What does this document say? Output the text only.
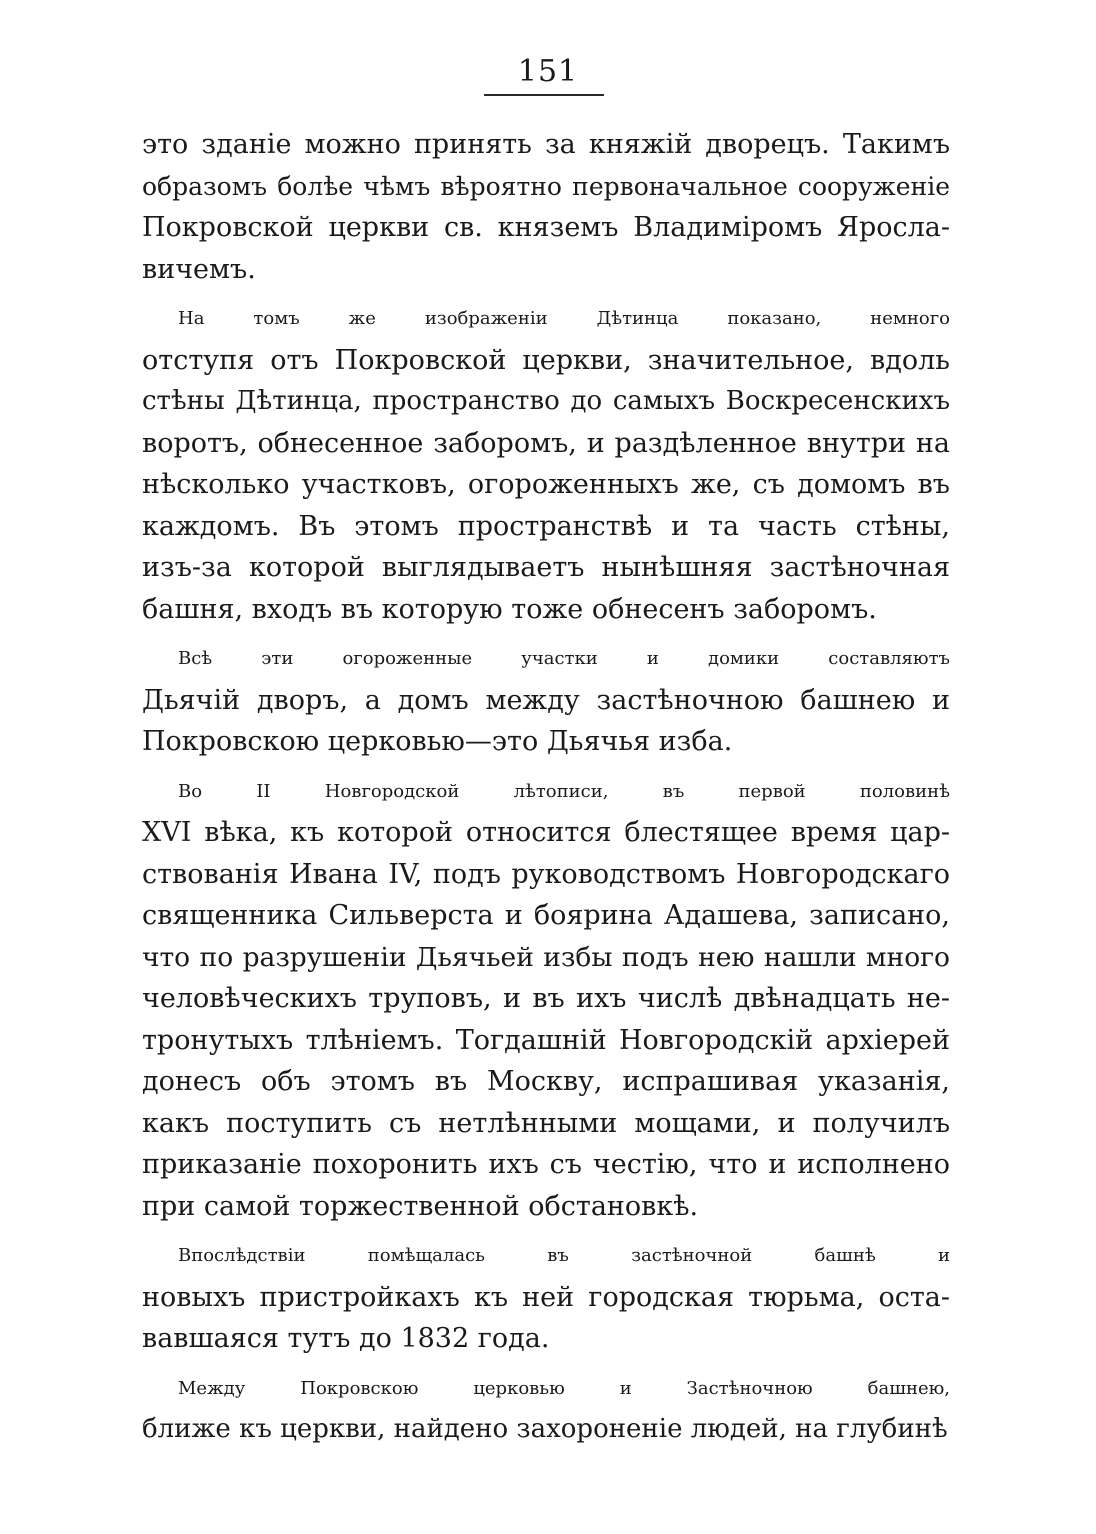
151
это зданіе можно принять за княжій дворецъ. Такимъ
образомъ болѣе чѣмъ вѣроятно первоначальное сооруженіе
Покровской церкви св. княземъ Владиміромъ Яросла-
вичемъ.
На томъ же изображеніи Дѣтинца показано, немного
отступя отъ Покровской церкви, значительное, вдоль
стѣны Дѣтинца, пространство до самыхъ Воскресенскихъ
воротъ, обнесенное заборомъ, и раздѣленное внутри на
нѣсколько участковъ, огороженныхъ же, съ домомъ въ
каждомъ. Въ этомъ пространствѣ и та часть стѣны,
изъ-за которой выглядываетъ нынѣшняя застѣночная
башня, входъ въ которую тоже обнесенъ заборомъ.
Всѣ эти огороженные участки и домики составляютъ
Дьячій дворъ, а домъ между застѣночною башнею и
Покровскою церковью—это Дьячья изба.
Во II Новгородской лѣтописи, въ первой половинѣ
XVI вѣка, къ которой относится блестящее время цар-
ствованія Ивана IV, подъ руководствомъ Новгородскаго
священника Сильверста и боярина Адашева, записано,
что по разрушеніи Дьячьей избы подъ нею нашли много
человѣческихъ труповъ, и въ ихъ числѣ двѣнадцать не-
тронутыхъ тлѣніемъ. Тогдашній Новгородскій архіерей
донесъ объ этомъ въ Москву, испрашивая указанія,
какъ поступить съ нетлѣнными мощами, и получилъ
приказаніе похоронить ихъ съ честію, что и исполнено
при самой торжественной обстановкѣ.
Впослѣдствіи помѣщалась въ застѣночной башнѣ и
новыхъ пристройкахъ къ ней городская тюрьма, оста-
вавшаяся тутъ до 1832 года.
Между Покровскою церковью и Застѣночною башнею,
ближе къ церкви, найдено захороненіе людей, на глубинѣ
